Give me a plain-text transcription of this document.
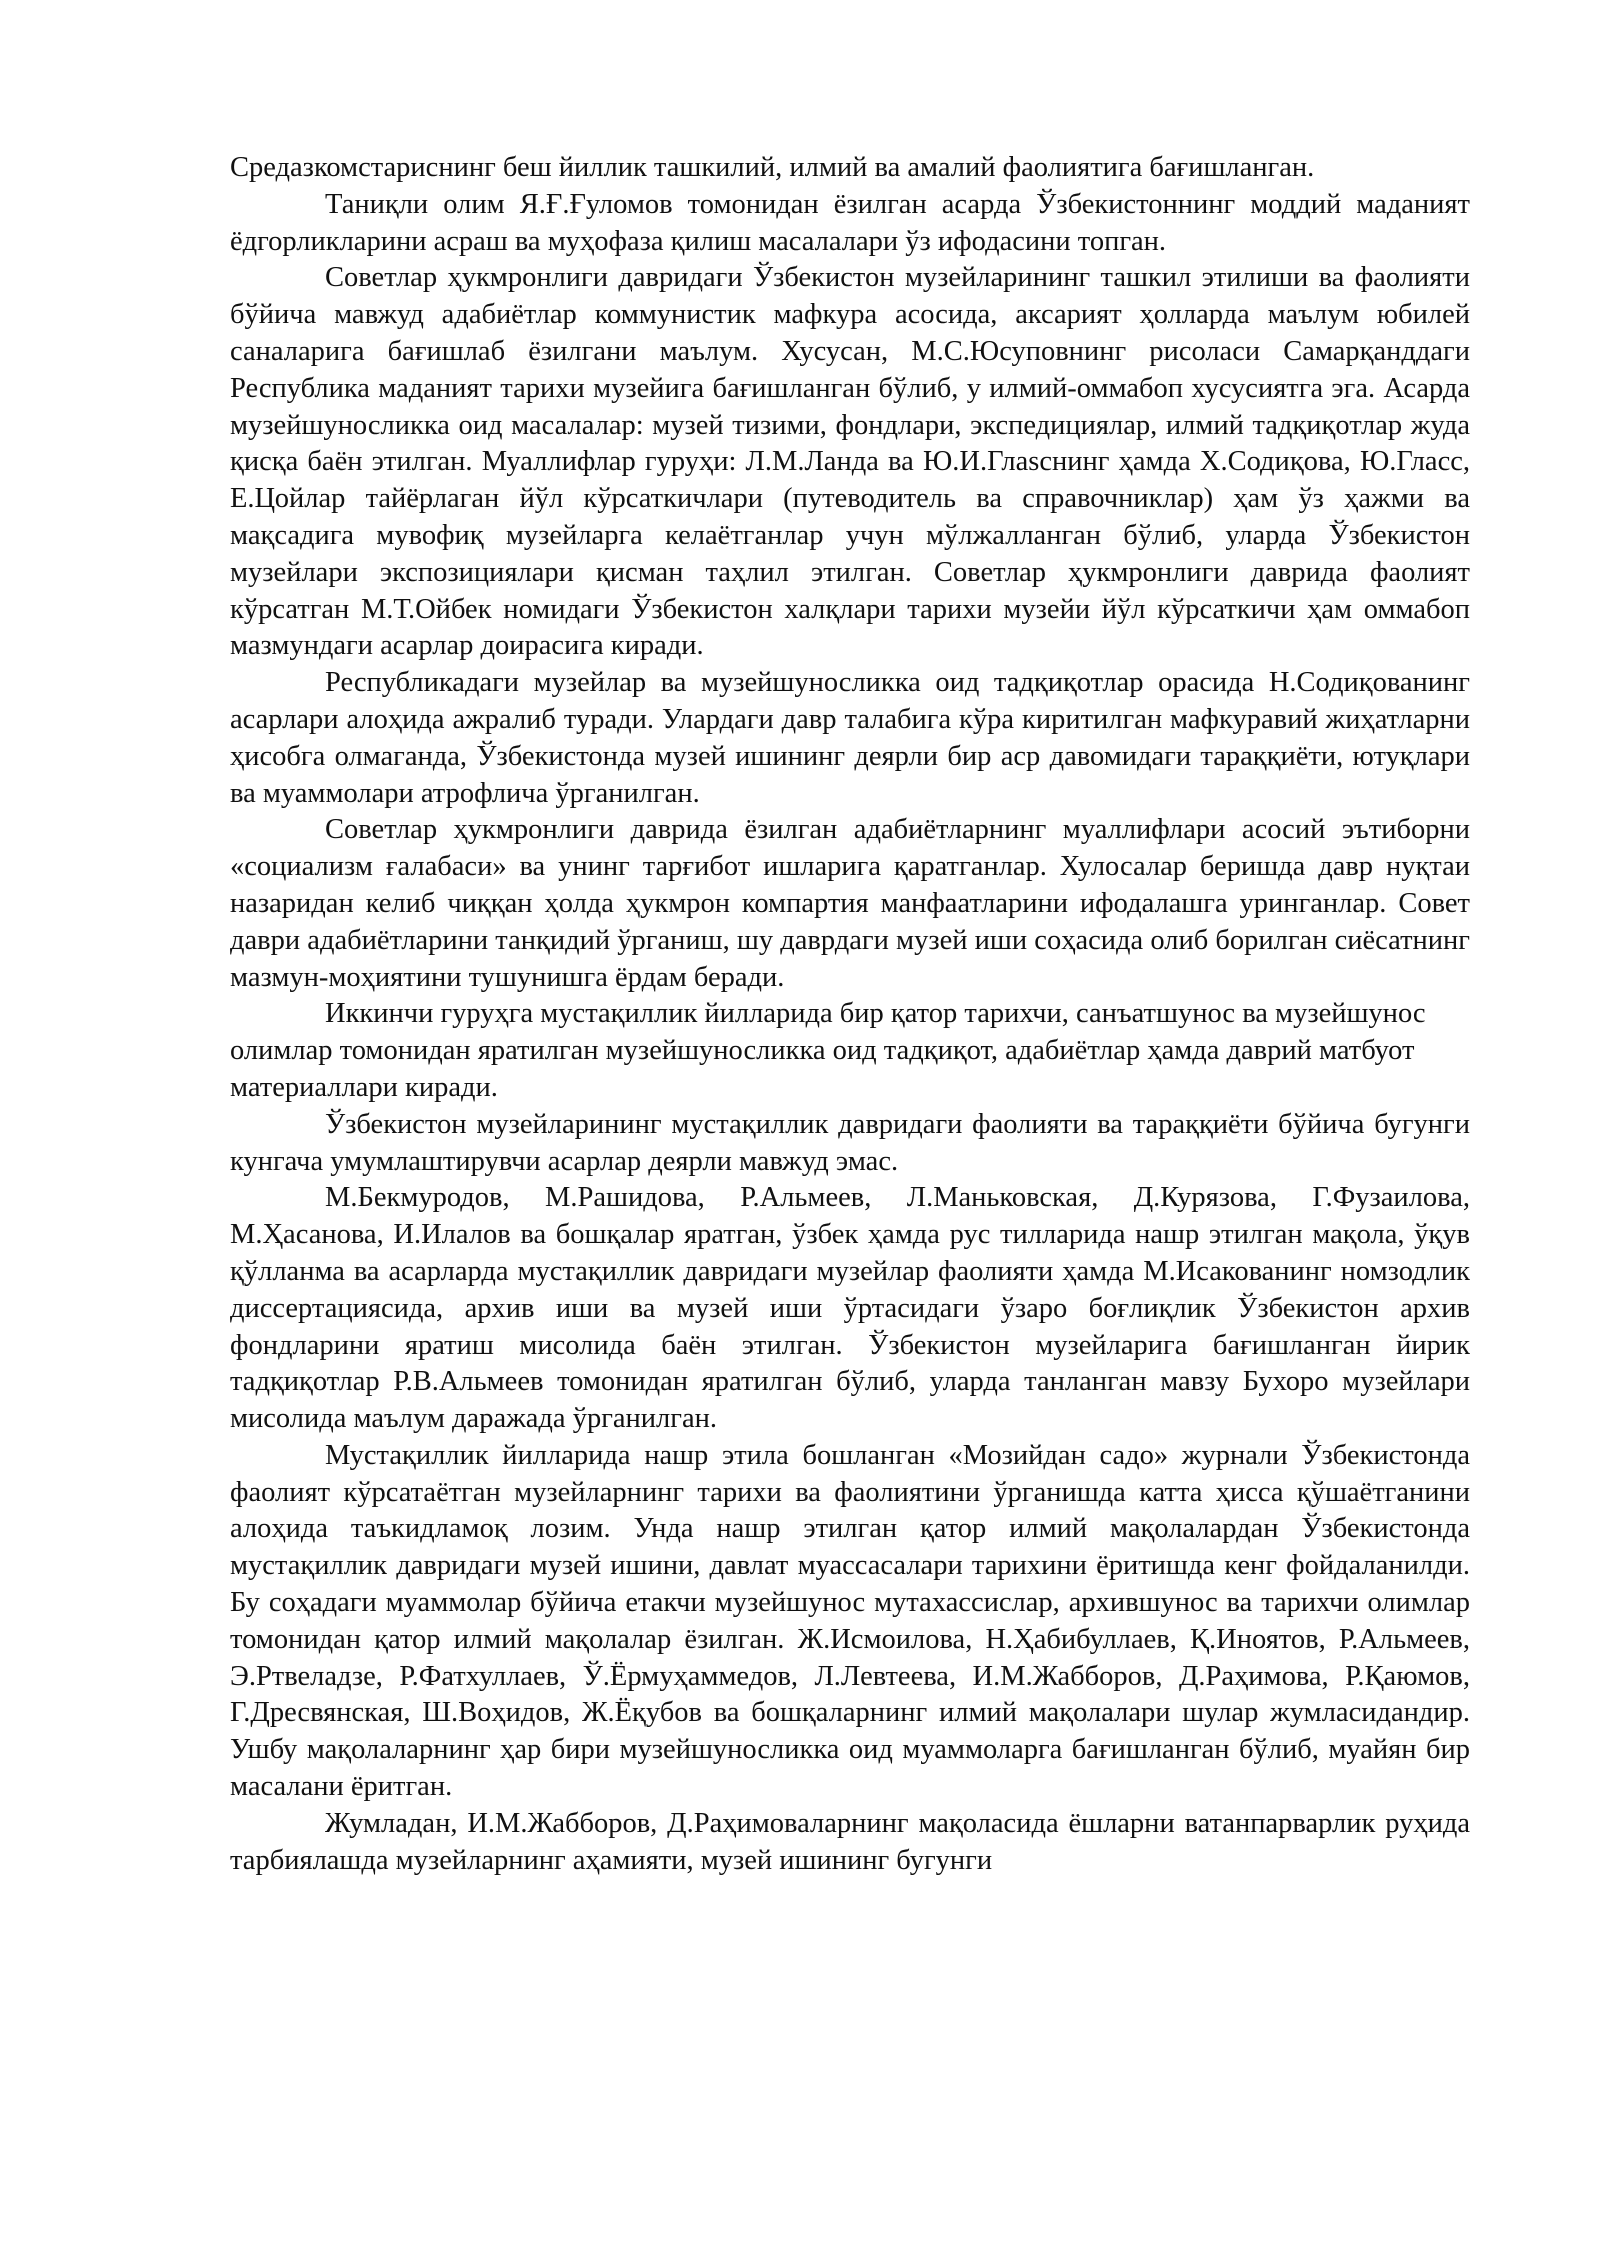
Средазкомстариснинг беш йиллик ташкилий, илмий ва амалий фаолиятига бағишланган.

Таниқли олим Я.Ғ.Ғуломов томонидан ёзилган асарда Ўзбекистоннинг моддий маданият ёдгорликларини асраш ва муҳофаза қилиш масалалари ўз ифодасини топган.

Советлар ҳукмронлиги давридаги Ўзбекистон музейларининг ташкил этилиши ва фаолияти бўйича мавжуд адабиётлар коммунистик мафкура асосида, аксарият ҳолларда маълум юбилей саналарига бағишлаб ёзилгани маълум. Хусусан, М.С.Юсуповнинг рисоласи Самарқанддаги Республика маданият тарихи музейига бағишланган бўлиб, у илмий-оммабоп хусусиятга эга. Асарда музейшуносликка оид масалалар: музей тизими, фондлари, экспедициялар, илмий тадқиқотлар жуда қисқа баён этилган. Муаллифлар гуруҳи: Л.М.Ланда ва Ю.И.Глasснинг ҳамда Х.Содиқова, Ю.Гласс, Е.Цойлар тайёрлаган йўл кўрсаткичлари (путеводитель ва справочниклар) ҳам ўз ҳажми ва мақсадига мувофиқ музейларга келаётганлар учун мўлжалланган бўлиб, уларда Ўзбекистон музейлари экспозициялари қисман таҳлил этилган. Советлар ҳукмронлиги даврида фаолият кўрсатган М.Т.Ойбек номидаги Ўзбекистон халқлари тарихи музейи йўл кўрсаткичи ҳам оммабоп мазмундаги асарлар доирасига киради.

Республикадаги музейлар ва музейшуносликка оид тадқиқотлар орасида Н.Содиқованинг асарлари алоҳида ажралиб туради. Улардаги давр талабига кўра киритилган мафкуравий жиҳатларни ҳисобга олмаганда, Ўзбекистонда музей ишининг деярли бир аср давомидаги тараққиёти, ютуқлари ва муаммолари атрофлича ўрганилган.

Советлар ҳукмронлиги даврида ёзилган адабиётларнинг муаллифлари асосий эътиборни «социализм ғалабаси» ва унинг тарғибот ишларига қаратганлар. Хулосалар беришда давр нуқтаи назаридан келиб чиққан ҳолда ҳукмрон компартия манфаатларини ифодалашга уринганлар. Совет даври адабиётларини танқидий ўрганиш, шу даврдаги музей иши соҳасида олиб борилган сиёсатнинг мазмун-моҳиятини тушунишга ёрдам беради.

Иккинчи гуруҳга мустақиллик йилларида бир қатор тарихчи, санъатшунос ва музейшунос олимлар томонидан яратилган музейшуносликка оид тадқиқот, адабиётлар ҳамда даврий матбуот материаллари киради.

Ўзбекистон музейларининг мустақиллик давридаги фаолияти ва тараққиёти бўйича бугунги кунгача умумлаштирувчи асарлар деярли мавжуд эмас.

М.Бекмуродов, М.Рашидова, Р.Альмеев, Л.Маньковская, Д.Курязова, Г.Фузаилова, М.Ҳасанова, И.Илалов ва бошқалар яратган, ўзбек ҳамда рус тилларида нашр этилган мақола, ўқув қўлланма ва асарларда мустақиллик давридаги музейлар фаолияти ҳамда М.Исакованинг номзодлик диссертациясида, архив иши ва музей иши ўртасидаги ўзаро боғлиқлик Ўзбекистон архив фондларини яратиш мисолида баён этилган. Ўзбекистон музейларига бағишланган йирик тадқиқотлар Р.В.Альмеев томонидан яратилган бўлиб, уларда танланган мавзу Бухоро музейлари мисолида маълум даражада ўрганилган.

Мустақиллик йилларида нашр этила бошланган «Мозийдан садо» журнали Ўзбекистонда фаолият кўрсатаётган музейларнинг тарихи ва фаолиятини ўрганишда катта ҳисса қўшаётганини алоҳида таъкидламоқ лозим. Унда нашр этилган қатор илмий мақолалардан Ўзбекистонда мустақиллик давридаги музей ишини, давлат муассасалари тарихини ёритишда кенг фойдаланилди. Бу соҳадаги муаммолар бўйича етакчи музейшунос мутахассислар, архившунос ва тарихчи олимлар томонидан қатор илмий мақолалар ёзилган. Ж.Исмоилова, Н.Ҳабибуллаев, Қ.Иноятов, Р.Альмеев, Э.Ртвеладзе, Р.Фатхуллаев, Ў.Ёрмуҳаммедов, Л.Левтеева, И.М.Жабборов, Д.Раҳимова, Р.Қаюмов, Г.Дресвянская, Ш.Воҳидов, Ж.Ёқубов ва бошқаларнинг илмий мақолалари шулар жумласидандир. Ушбу мақолаларнинг ҳар бири музейшуносликка оид муаммоларга бағишланган бўлиб, муайян бир масалани ёритган.

Жумладан, И.М.Жабборов, Д.Раҳимоваларнинг мақоласида ёшларни ватанпарварлик руҳида тарбиялашда музейларнинг аҳамияти, музей ишининг бугунги
